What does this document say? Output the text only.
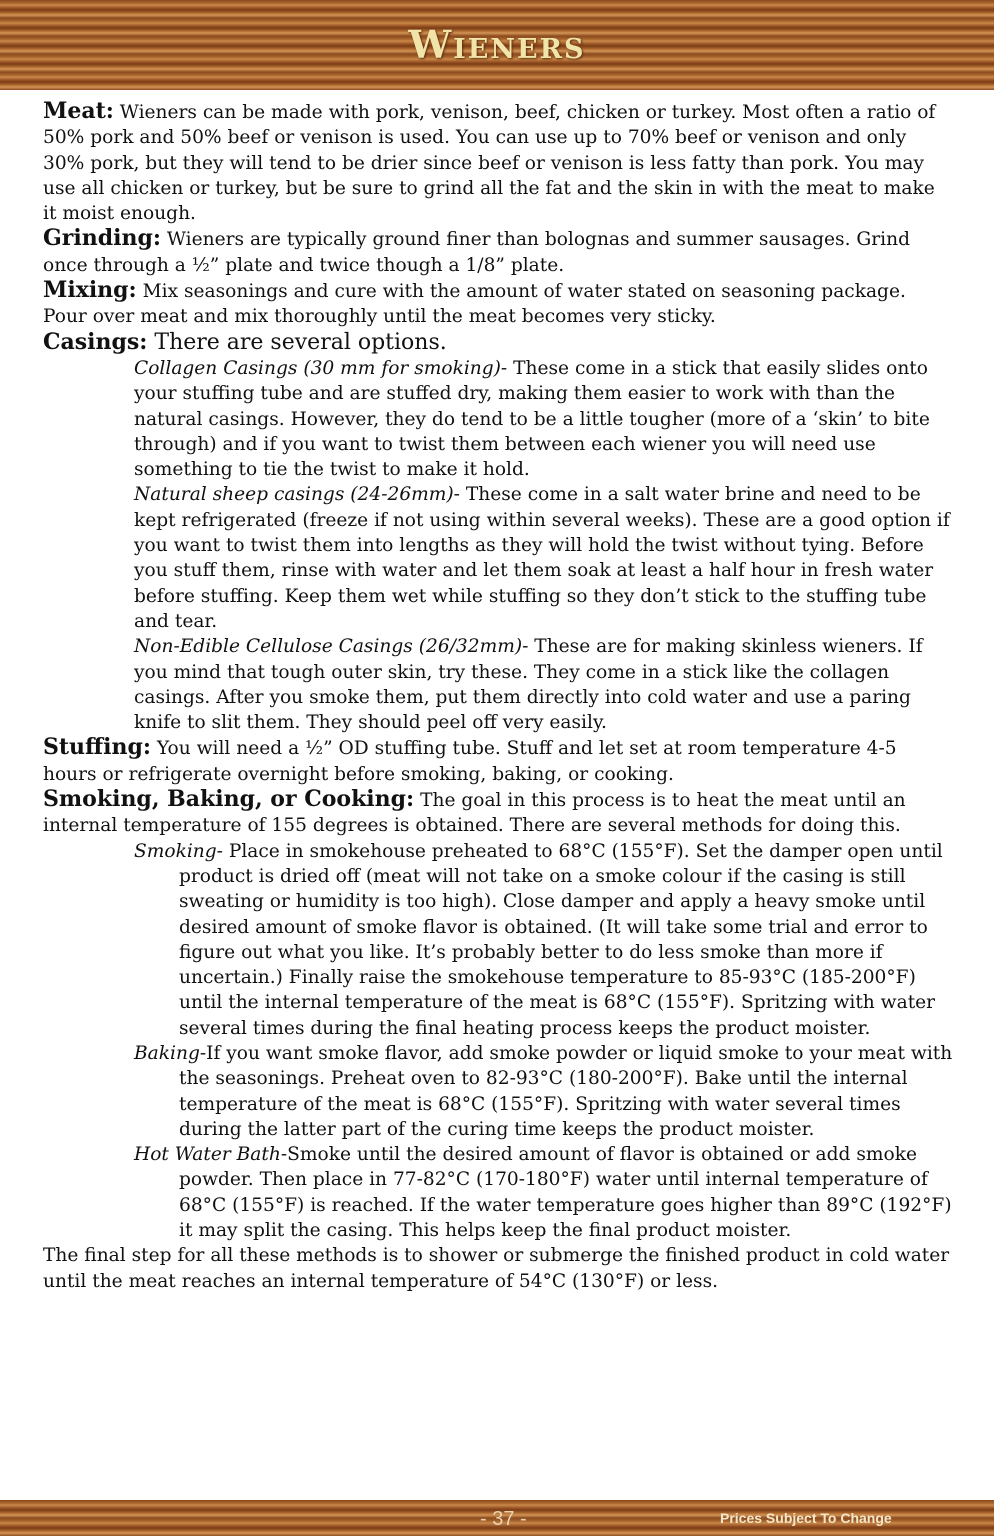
Wieners

Meat: Wieners can be made with pork, venison, beef, chicken or turkey. Most often a ratio of 50% pork and 50% beef or venison is used. You can use up to 70% beef or venison and only 30% pork, but they will tend to be drier since beef or venison is less fatty than pork. You may use all chicken or turkey, but be sure to grind all the fat and the skin in with the meat to make it moist enough.

Grinding: Wieners are typically ground finer than bolognas and summer sausages. Grind once through a ½” plate and twice though a 1/8” plate.

Mixing: Mix seasonings and cure with the amount of water stated on seasoning package. Pour over meat and mix thoroughly until the meat becomes very sticky.

Casings: There are several options.

Collagen Casings (30 mm for smoking)- These come in a stick that easily slides onto your stuffing tube and are stuffed dry, making them easier to work with than the natural casings. However, they do tend to be a little tougher (more of a ‘skin’ to bite through) and if you want to twist them between each wiener you will need use something to tie the twist to make it hold.

Natural sheep casings (24-26mm)- These come in a salt water brine and need to be kept refrigerated (freeze if not using within several weeks). These are a good option if you want to twist them into lengths as they will hold the twist without tying. Before you stuff them, rinse with water and let them soak at least a half hour in fresh water before stuffing. Keep them wet while stuffing so they don’t stick to the stuffing tube and tear.

Non-Edible Cellulose Casings (26/32mm)- These are for making skinless wieners. If you mind that tough outer skin, try these. They come in a stick like the collagen casings. After you smoke them, put them directly into cold water and use a paring knife to slit them. They should peel off very easily.

Stuffing: You will need a ½” OD stuffing tube. Stuff and let set at room temperature 4-5 hours or refrigerate overnight before smoking, baking, or cooking.

Smoking, Baking, or Cooking: The goal in this process is to heat the meat until an internal temperature of 155 degrees is obtained. There are several methods for doing this.

Smoking- Place in smokehouse preheated to 68°C (155°F). Set the damper open until product is dried off (meat will not take on a smoke colour if the casing is still sweating or humidity is too high). Close damper and apply a heavy smoke until desired amount of smoke flavor is obtained. (It will take some trial and error to figure out what you like. It’s probably better to do less smoke than more if uncertain.) Finally raise the smokehouse temperature to 85-93°C (185-200°F) until the internal temperature of the meat is 68°C (155°F). Spritzing with water several times during the final heating process keeps the product moister.

Baking-If you want smoke flavor, add smoke powder or liquid smoke to your meat with the seasonings. Preheat oven to 82-93°C (180-200°F). Bake until the internal temperature of the meat is 68°C (155°F). Spritzing with water several times during the latter part of the curing time keeps the product moister.

Hot Water Bath-Smoke until the desired amount of flavor is obtained or add smoke powder. Then place in 77-82°C (170-180°F) water until internal temperature of 68°C (155°F) is reached. If the water temperature goes higher than 89°C (192°F) it may split the casing. This helps keep the final product moister.

The final step for all these methods is to shower or submerge the finished product in cold water until the meat reaches an internal temperature of 54°C (130°F) or less.

- 37 -	Prices Subject To Change
